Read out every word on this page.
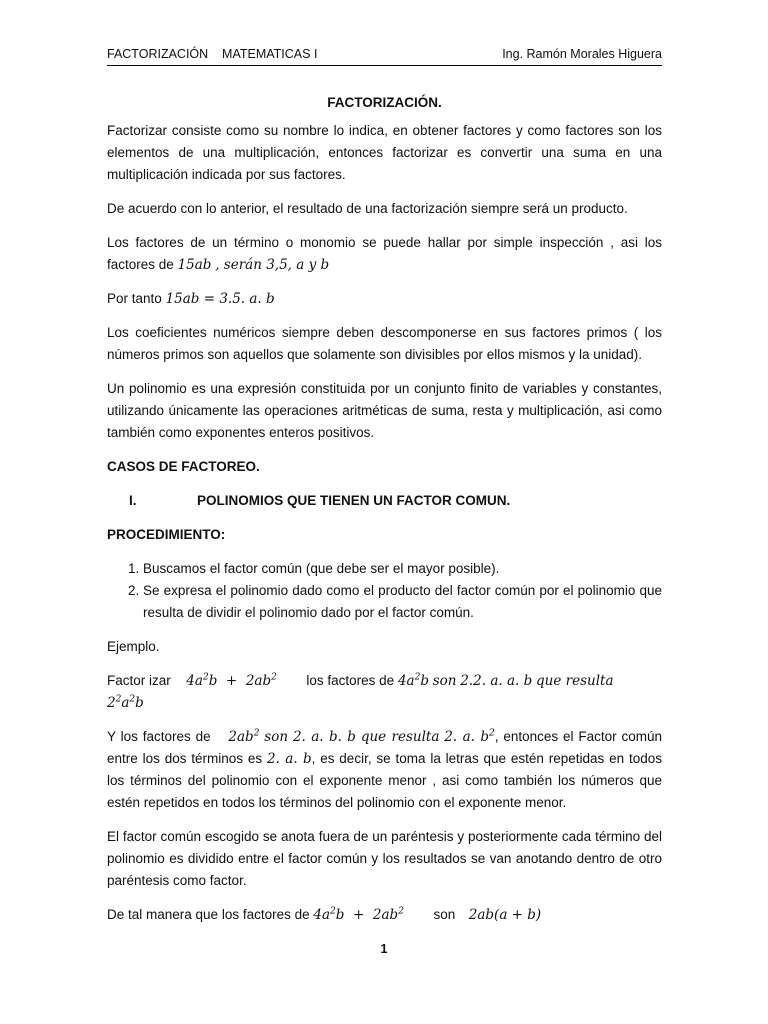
FACTORIZACIÓN    MATEMATICAS I	Ing. Ramón Morales Higuera
FACTORIZACIÓN.

Factorizar consiste como su nombre lo indica, en obtener factores y como factores son los elementos de una multiplicación, entonces factorizar es convertir una suma en una multiplicación indicada por sus factores.

De acuerdo con lo anterior, el resultado de una factorización siempre será un producto.

Los factores de un término o monomio se puede hallar por simple inspección , asi los factores de 15ab , serán 3,5, a y b

Por tanto 15ab = 3.5. a. b

Los coeficientes numéricos siempre deben descomponerse en sus factores primos ( los números primos son aquellos que solamente son divisibles por ellos mismos y la unidad).

Un polinomio es una expresión constituida por un conjunto finito de variables y constantes, utilizando únicamente las operaciones aritméticas de suma, resta y multiplicación, asi como también como exponentes enteros positivos.

CASOS DE FACTOREO.

I.	POLINOMIOS QUE TIENEN UN FACTOR COMUN.

PROCEDIMIENTO:

1. Buscamos el factor común (que debe ser el mayor posible).
2. Se expresa el polinomio dado como el producto del factor común por el polinomio que resulta de dividir el polinomio dado por el factor común.

Ejemplo.

Factor izar $4a^2b + 2ab^2$ los factores de $4a^2b$ son 2.2. a. a. b que resulta  $2^2a^2b$

Y los factores de $2ab^2$ son 2. a. b. b que resulta 2. a. $b^2$, entonces el Factor común entre los dos términos es 2. a. b, es decir, se toma la letras que estén repetidas en todos los términos del polinomio con el exponente menor , asi como también los números que estén repetidos en todos los términos del polinomio con el exponente menor.

El factor común escogido se anota fuera de un paréntesis y posteriormente cada término del polinomio es dividido entre el factor común y los resultados se van anotando dentro de otro paréntesis como factor.

De tal manera que los factores de $4a^2b + 2ab^2$ son 2ab(a + b)

1
